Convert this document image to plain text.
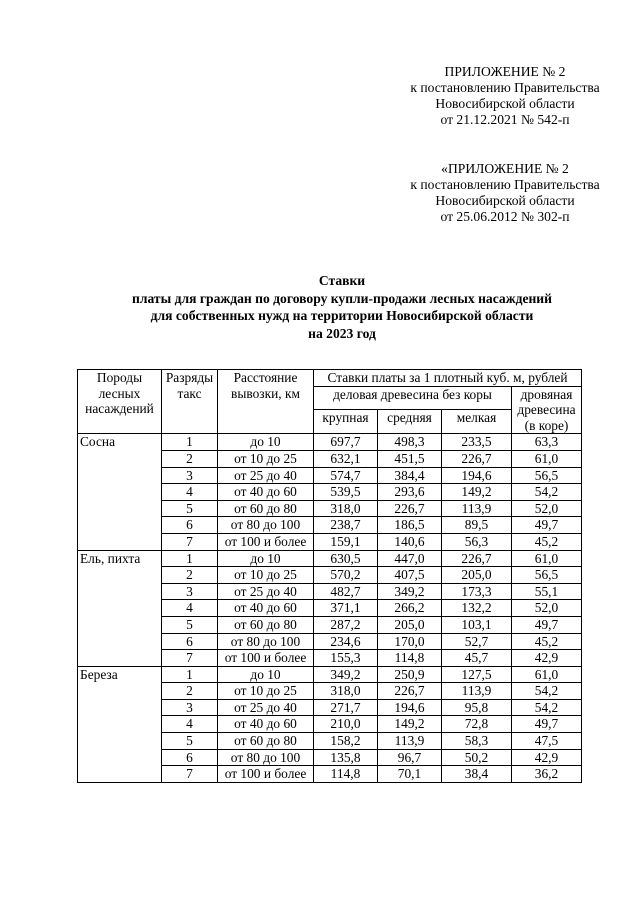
ПРИЛОЖЕНИЕ № 2
к постановлению Правительства
Новосибирской области
от 21.12.2021 № 542-п
«ПРИЛОЖЕНИЕ № 2
к постановлению Правительства
Новосибирской области
от 25.06.2012 № 302-п
Ставки
платы для граждан по договору купли-продажи лесных насаждений
для собственных нужд на территории Новосибирской области
на 2023 год
Породы лесных насаждений	Разряды такс	Расстояние вывозки, км	Ставки платы за 1 плотный куб. м, рублей			
			деловая древесина без коры			дровяная древесина (в коре)
			крупная	средняя	мелкая	
Сосна	1	до 10	697,7	498,3	233,5	63,3
	2	от 10 до 25	632,1	451,5	226,7	61,0
	3	от 25 до 40	574,7	384,4	194,6	56,5
	4	от 40 до 60	539,5	293,6	149,2	54,2
	5	от 60 до 80	318,0	226,7	113,9	52,0
	6	от 80 до 100	238,7	186,5	89,5	49,7
	7	от 100 и более	159,1	140,6	56,3	45,2
Ель, пихта	1	до 10	630,5	447,0	226,7	61,0
	2	от 10 до 25	570,2	407,5	205,0	56,5
	3	от 25 до 40	482,7	349,2	173,3	55,1
	4	от 40 до 60	371,1	266,2	132,2	52,0
	5	от 60 до 80	287,2	205,0	103,1	49,7
	6	от 80 до 100	234,6	170,0	52,7	45,2
	7	от 100 и более	155,3	114,8	45,7	42,9
Береза	1	до 10	349,2	250,9	127,5	61,0
	2	от 10 до 25	318,0	226,7	113,9	54,2
	3	от 25 до 40	271,7	194,6	95,8	54,2
	4	от 40 до 60	210,0	149,2	72,8	49,7
	5	от 60 до 80	158,2	113,9	58,3	47,5
	6	от 80 до 100	135,8	96,7	50,2	42,9
	7	от 100 и более	114,8	70,1	38,4	36,2
